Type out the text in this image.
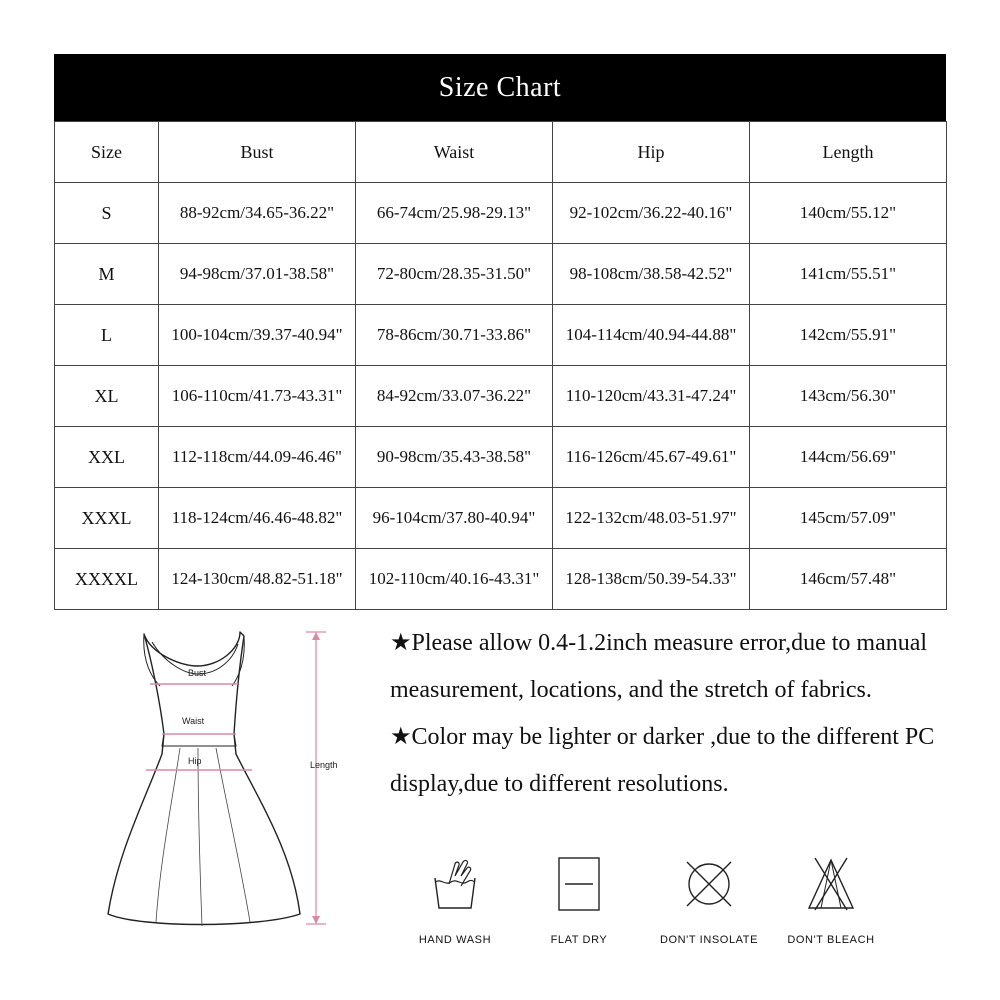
Size Chart
Size	Bust	Waist	Hip	Length
S	88-92cm/34.65-36.22"	66-74cm/25.98-29.13"	92-102cm/36.22-40.16"	140cm/55.12"
M	94-98cm/37.01-38.58"	72-80cm/28.35-31.50"	98-108cm/38.58-42.52"	141cm/55.51"
L	100-104cm/39.37-40.94"	78-86cm/30.71-33.86"	104-114cm/40.94-44.88"	142cm/55.91"
XL	106-110cm/41.73-43.31"	84-92cm/33.07-36.22"	110-120cm/43.31-47.24"	143cm/56.30"
XXL	112-118cm/44.09-46.46"	90-98cm/35.43-38.58"	116-126cm/45.67-49.61"	144cm/56.69"
XXXL	118-124cm/46.46-48.82"	96-104cm/37.80-40.94"	122-132cm/48.03-51.97"	145cm/57.09"
XXXXL	124-130cm/48.82-51.18"	102-110cm/40.16-43.31"	128-138cm/50.39-54.33"	146cm/57.48"
Bust
Waist
Hip	Length

★Please allow 0.4-1.2inch measure error,due to manual measurement, locations, and the stretch of fabrics.

★Color may be lighter or darker ,due to the different PC display,due to different resolutions.

HAND WASH	FLAT DRY	DON'T INSOLATE	DON'T BLEACH
